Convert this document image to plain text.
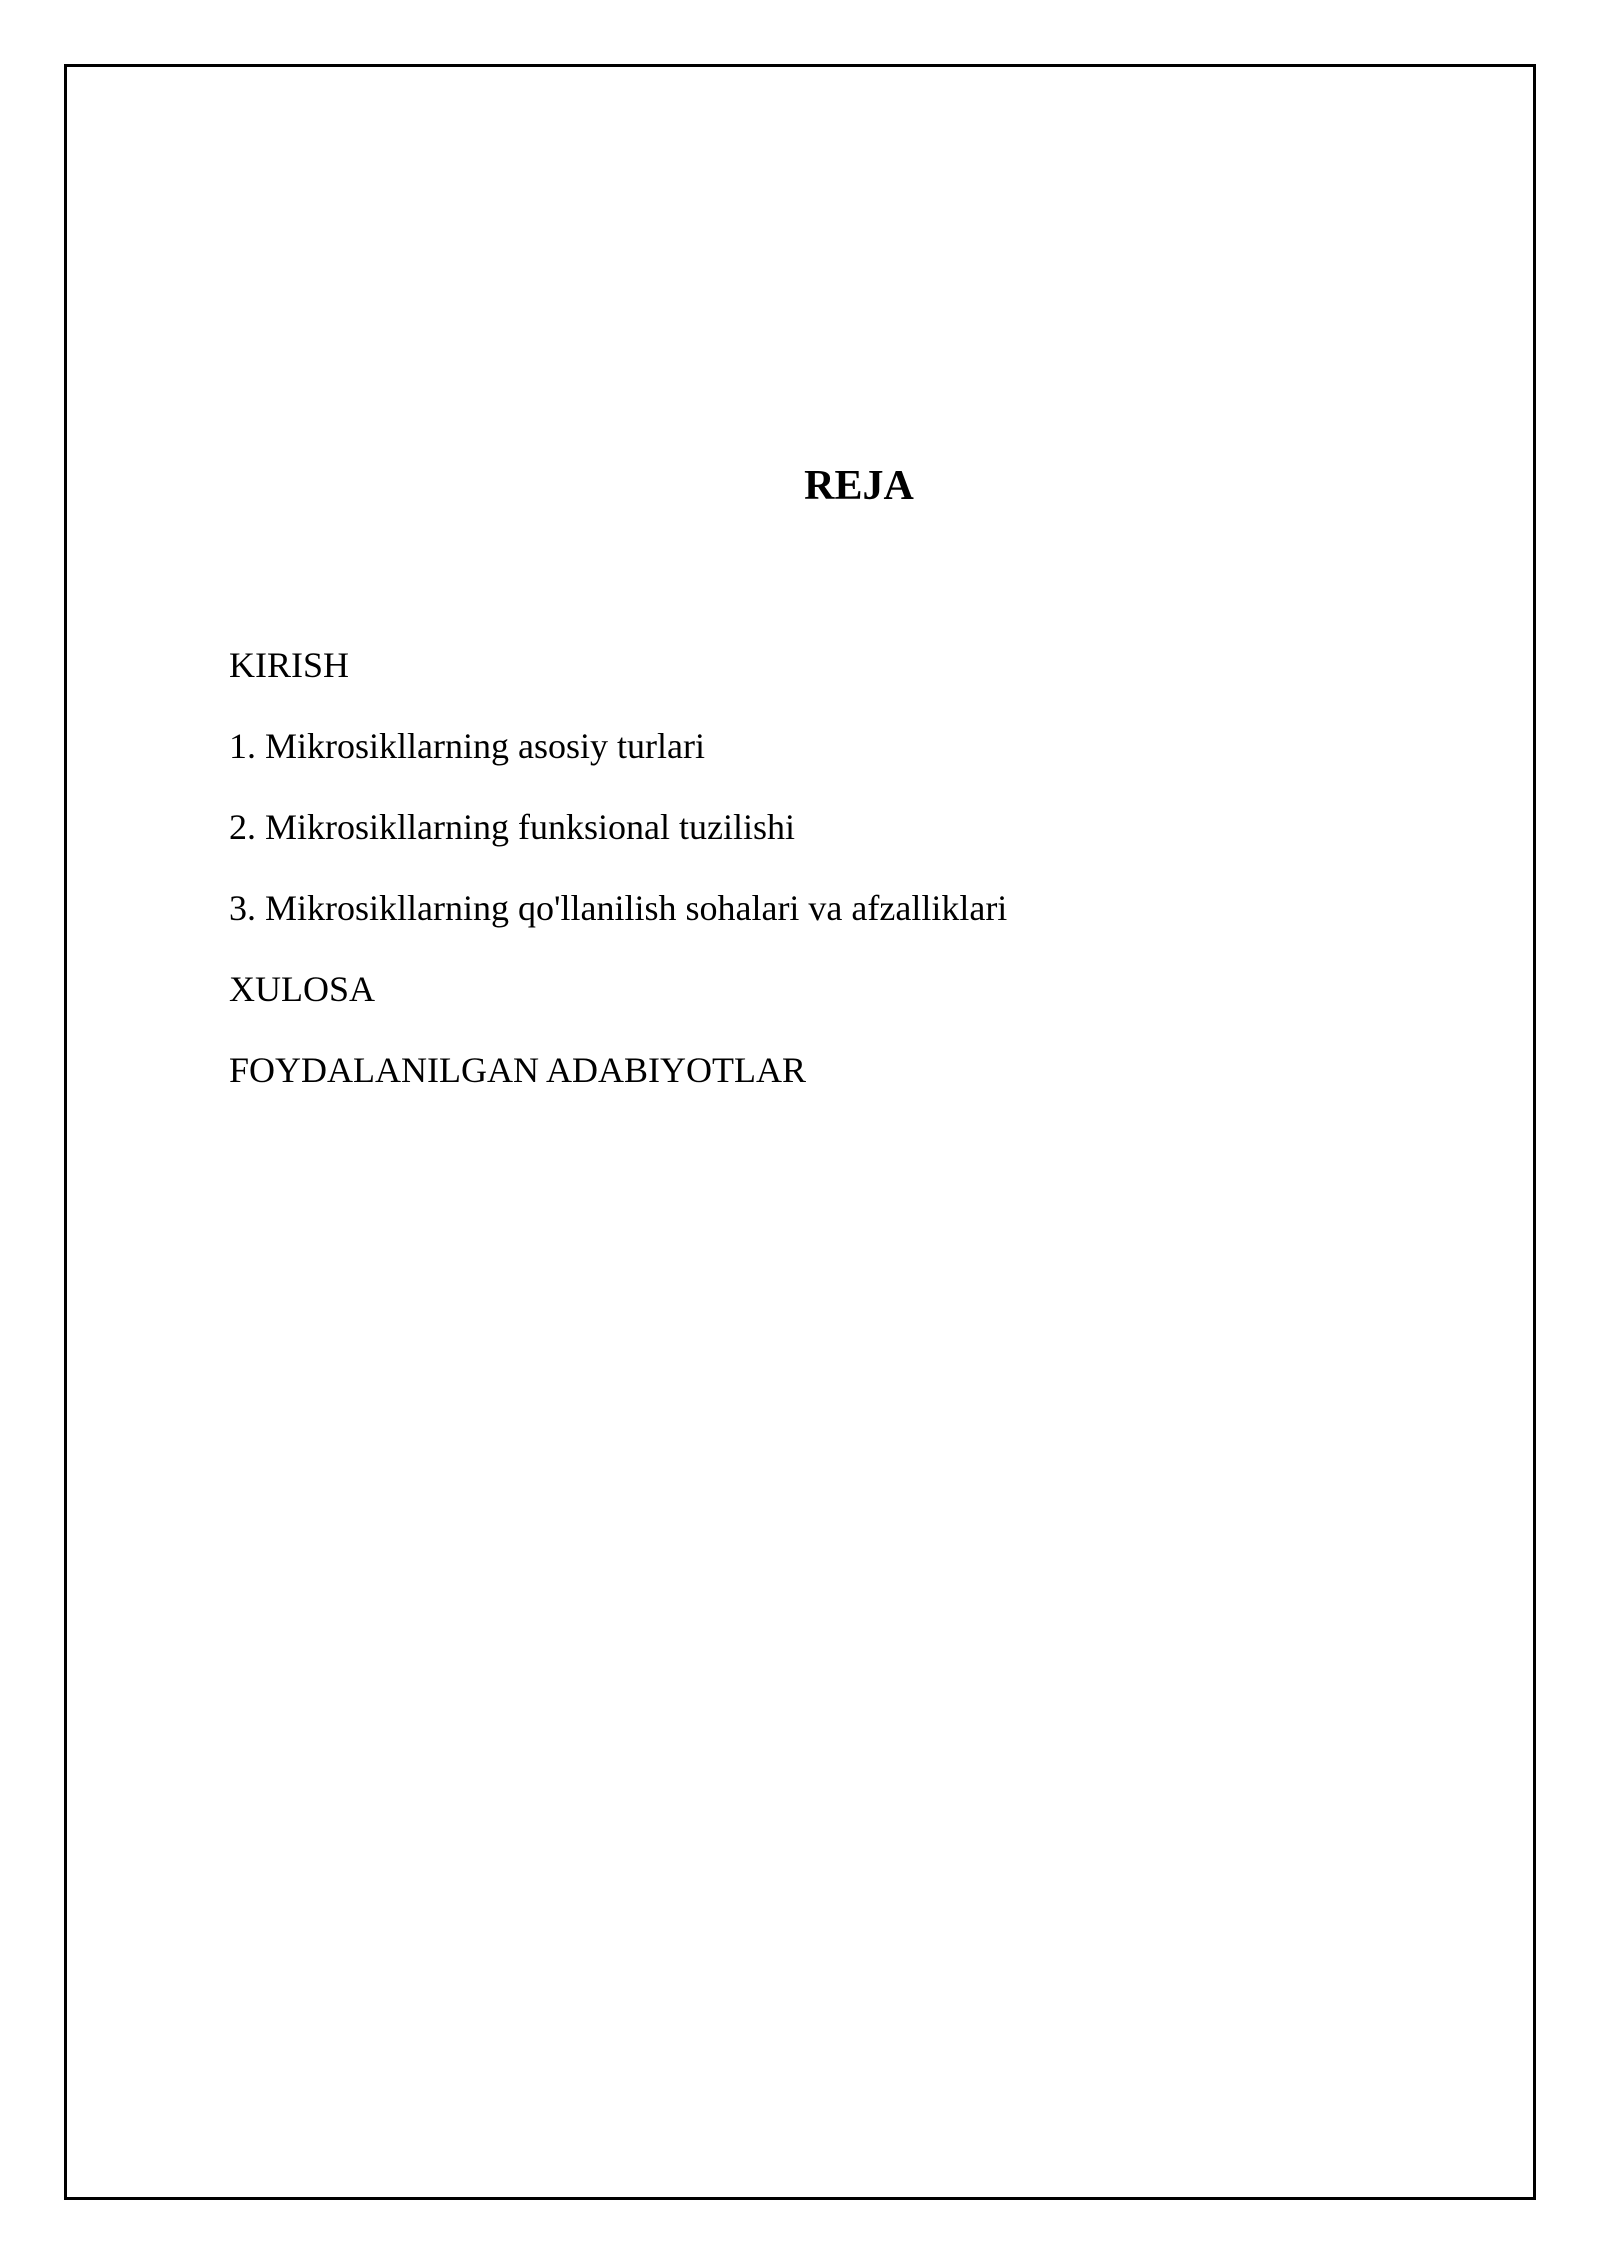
REJA
KIRISH
1. Mikrosikllarning asosiy turlari
2. Mikrosikllarning funksional tuzilishi
3. Mikrosikllarning qo'llanilish sohalari va afzalliklari
XULOSA
FOYDALANILGAN ADABIYOTLAR
